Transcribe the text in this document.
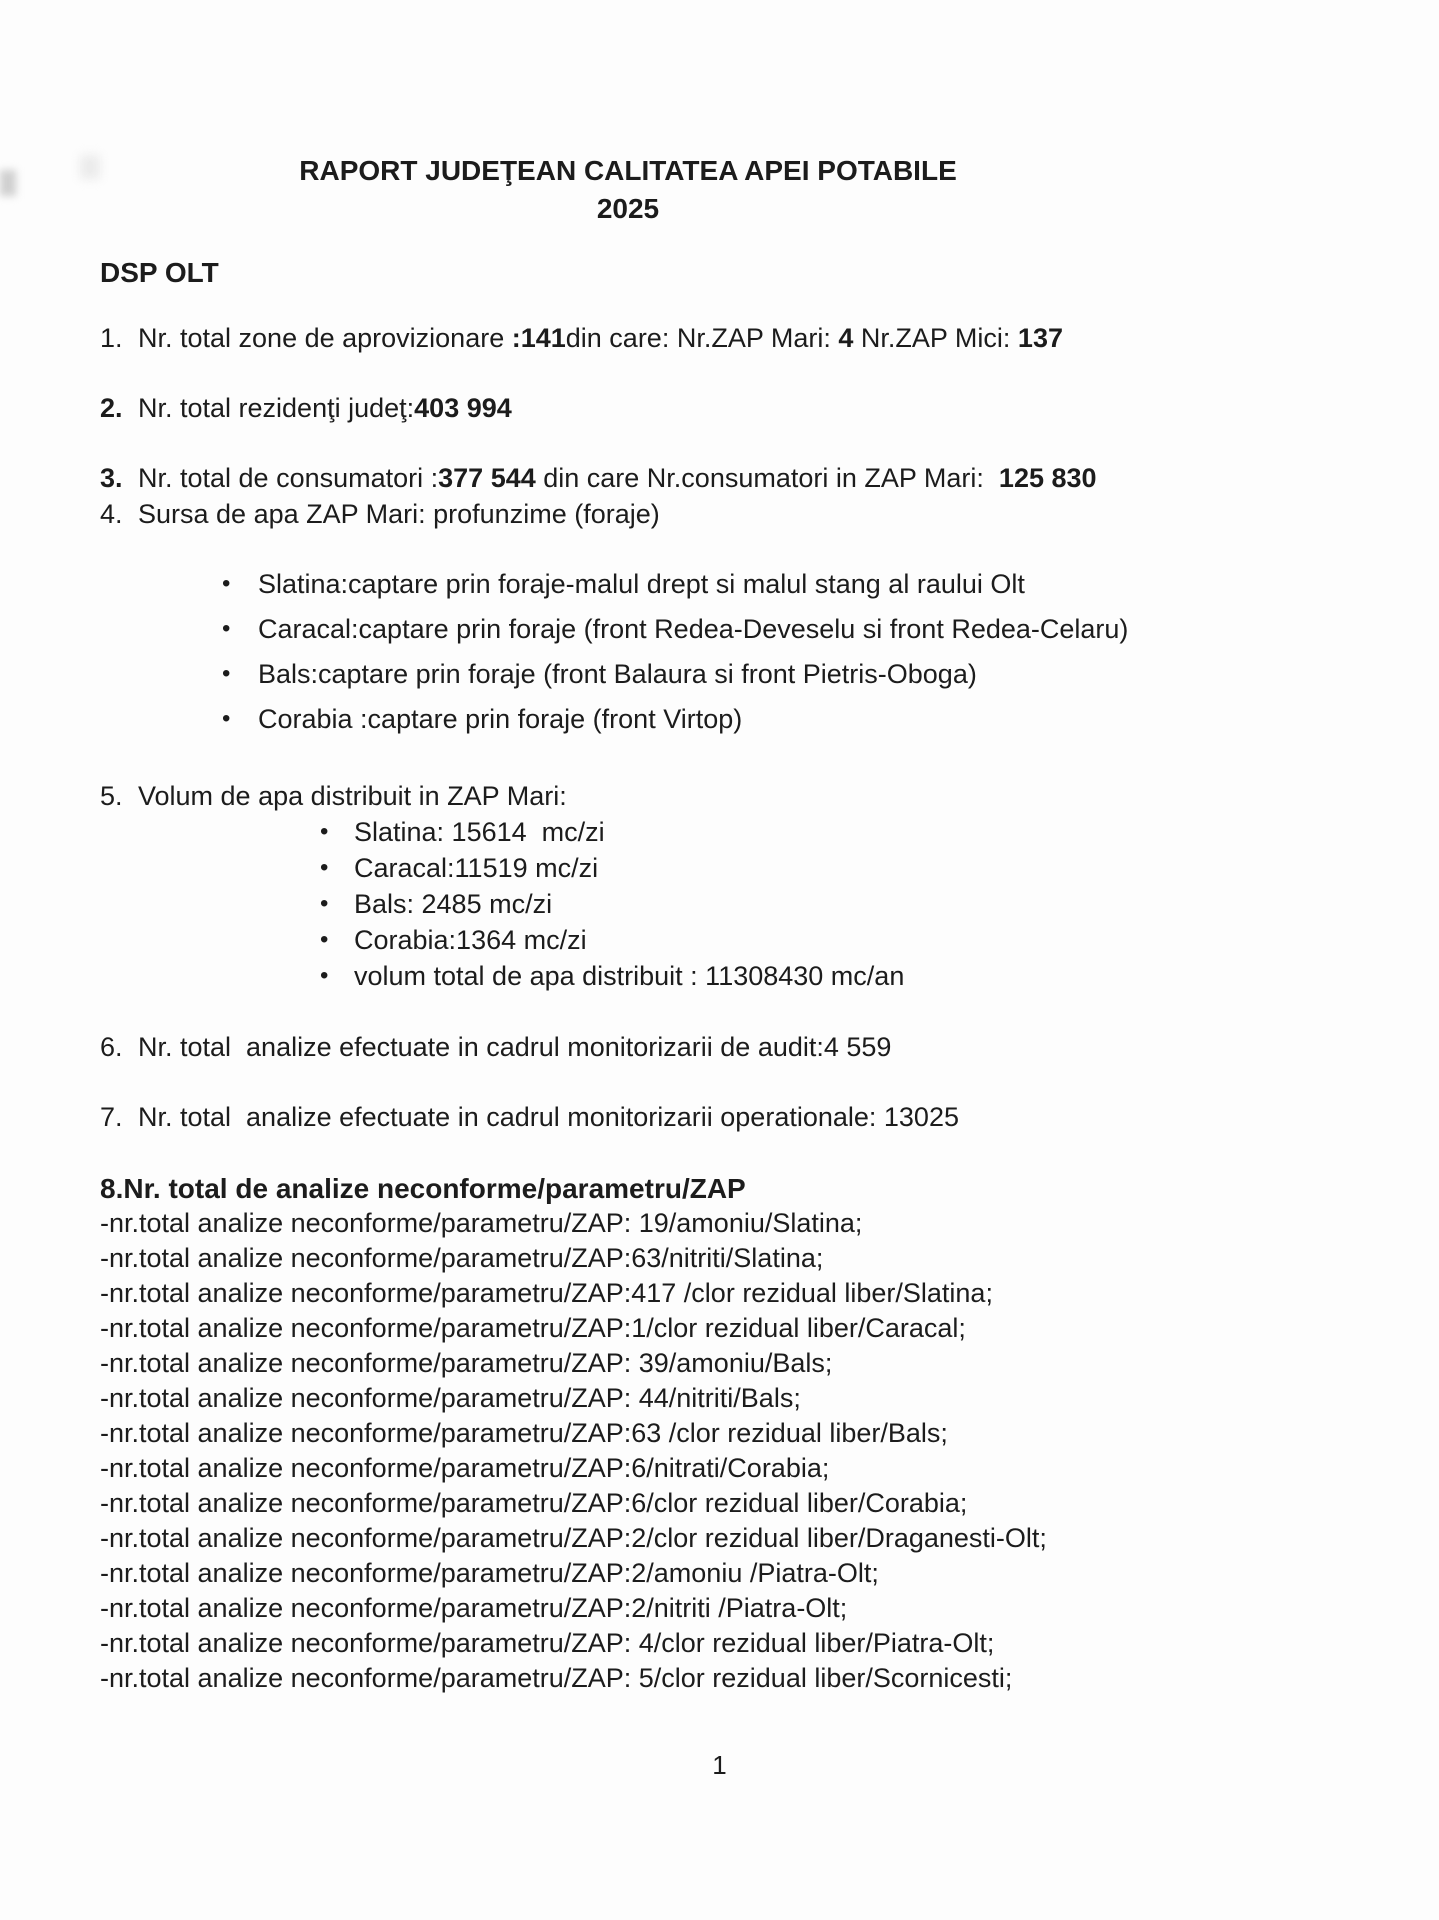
RAPORT JUDEŢEAN CALITATEA APEI POTABILE
2025
DSP OLT
1. Nr. total zone de aprovizionare :141din care: Nr.ZAP Mari: 4 Nr.ZAP Mici: 137
2. Nr. total rezidenţi judeţ:403 994
3. Nr. total de consumatori :377 544 din care Nr.consumatori in ZAP Mari:  125 830
4. Sursa de apa ZAP Mari: profunzime (foraje)
•	Slatina:captare prin foraje-malul drept si malul stang al raului Olt
•	Caracal:captare prin foraje (front Redea-Deveselu si front Redea-Celaru)
•	Bals:captare prin foraje (front Balaura si front Pietris-Oboga)
•	Corabia :captare prin foraje (front Virtop)
5. Volum de apa distribuit in ZAP Mari:
• Slatina: 15614  mc/zi
• Caracal:11519 mc/zi
• Bals: 2485 mc/zi
• Corabia:1364 mc/zi
• volum total de apa distribuit : 11308430 mc/an
6. Nr. total  analize efectuate in cadrul monitorizarii de audit:4 559
7. Nr. total  analize efectuate in cadrul monitorizarii operationale: 13025
8.Nr. total de analize neconforme/parametru/ZAP
-nr.total analize neconforme/parametru/ZAP: 19/amoniu/Slatina;
-nr.total analize neconforme/parametru/ZAP:63/nitriti/Slatina;
-nr.total analize neconforme/parametru/ZAP:417 /clor rezidual liber/Slatina;
-nr.total analize neconforme/parametru/ZAP:1/clor rezidual liber/Caracal;
-nr.total analize neconforme/parametru/ZAP: 39/amoniu/Bals;
-nr.total analize neconforme/parametru/ZAP: 44/nitriti/Bals;
-nr.total analize neconforme/parametru/ZAP:63 /clor rezidual liber/Bals;
-nr.total analize neconforme/parametru/ZAP:6/nitrati/Corabia;
-nr.total analize neconforme/parametru/ZAP:6/clor rezidual liber/Corabia;
-nr.total analize neconforme/parametru/ZAP:2/clor rezidual liber/Draganesti-Olt;
-nr.total analize neconforme/parametru/ZAP:2/amoniu /Piatra-Olt;
-nr.total analize neconforme/parametru/ZAP:2/nitriti /Piatra-Olt;
-nr.total analize neconforme/parametru/ZAP: 4/clor rezidual liber/Piatra-Olt;
-nr.total analize neconforme/parametru/ZAP: 5/clor rezidual liber/Scornicesti;
1
